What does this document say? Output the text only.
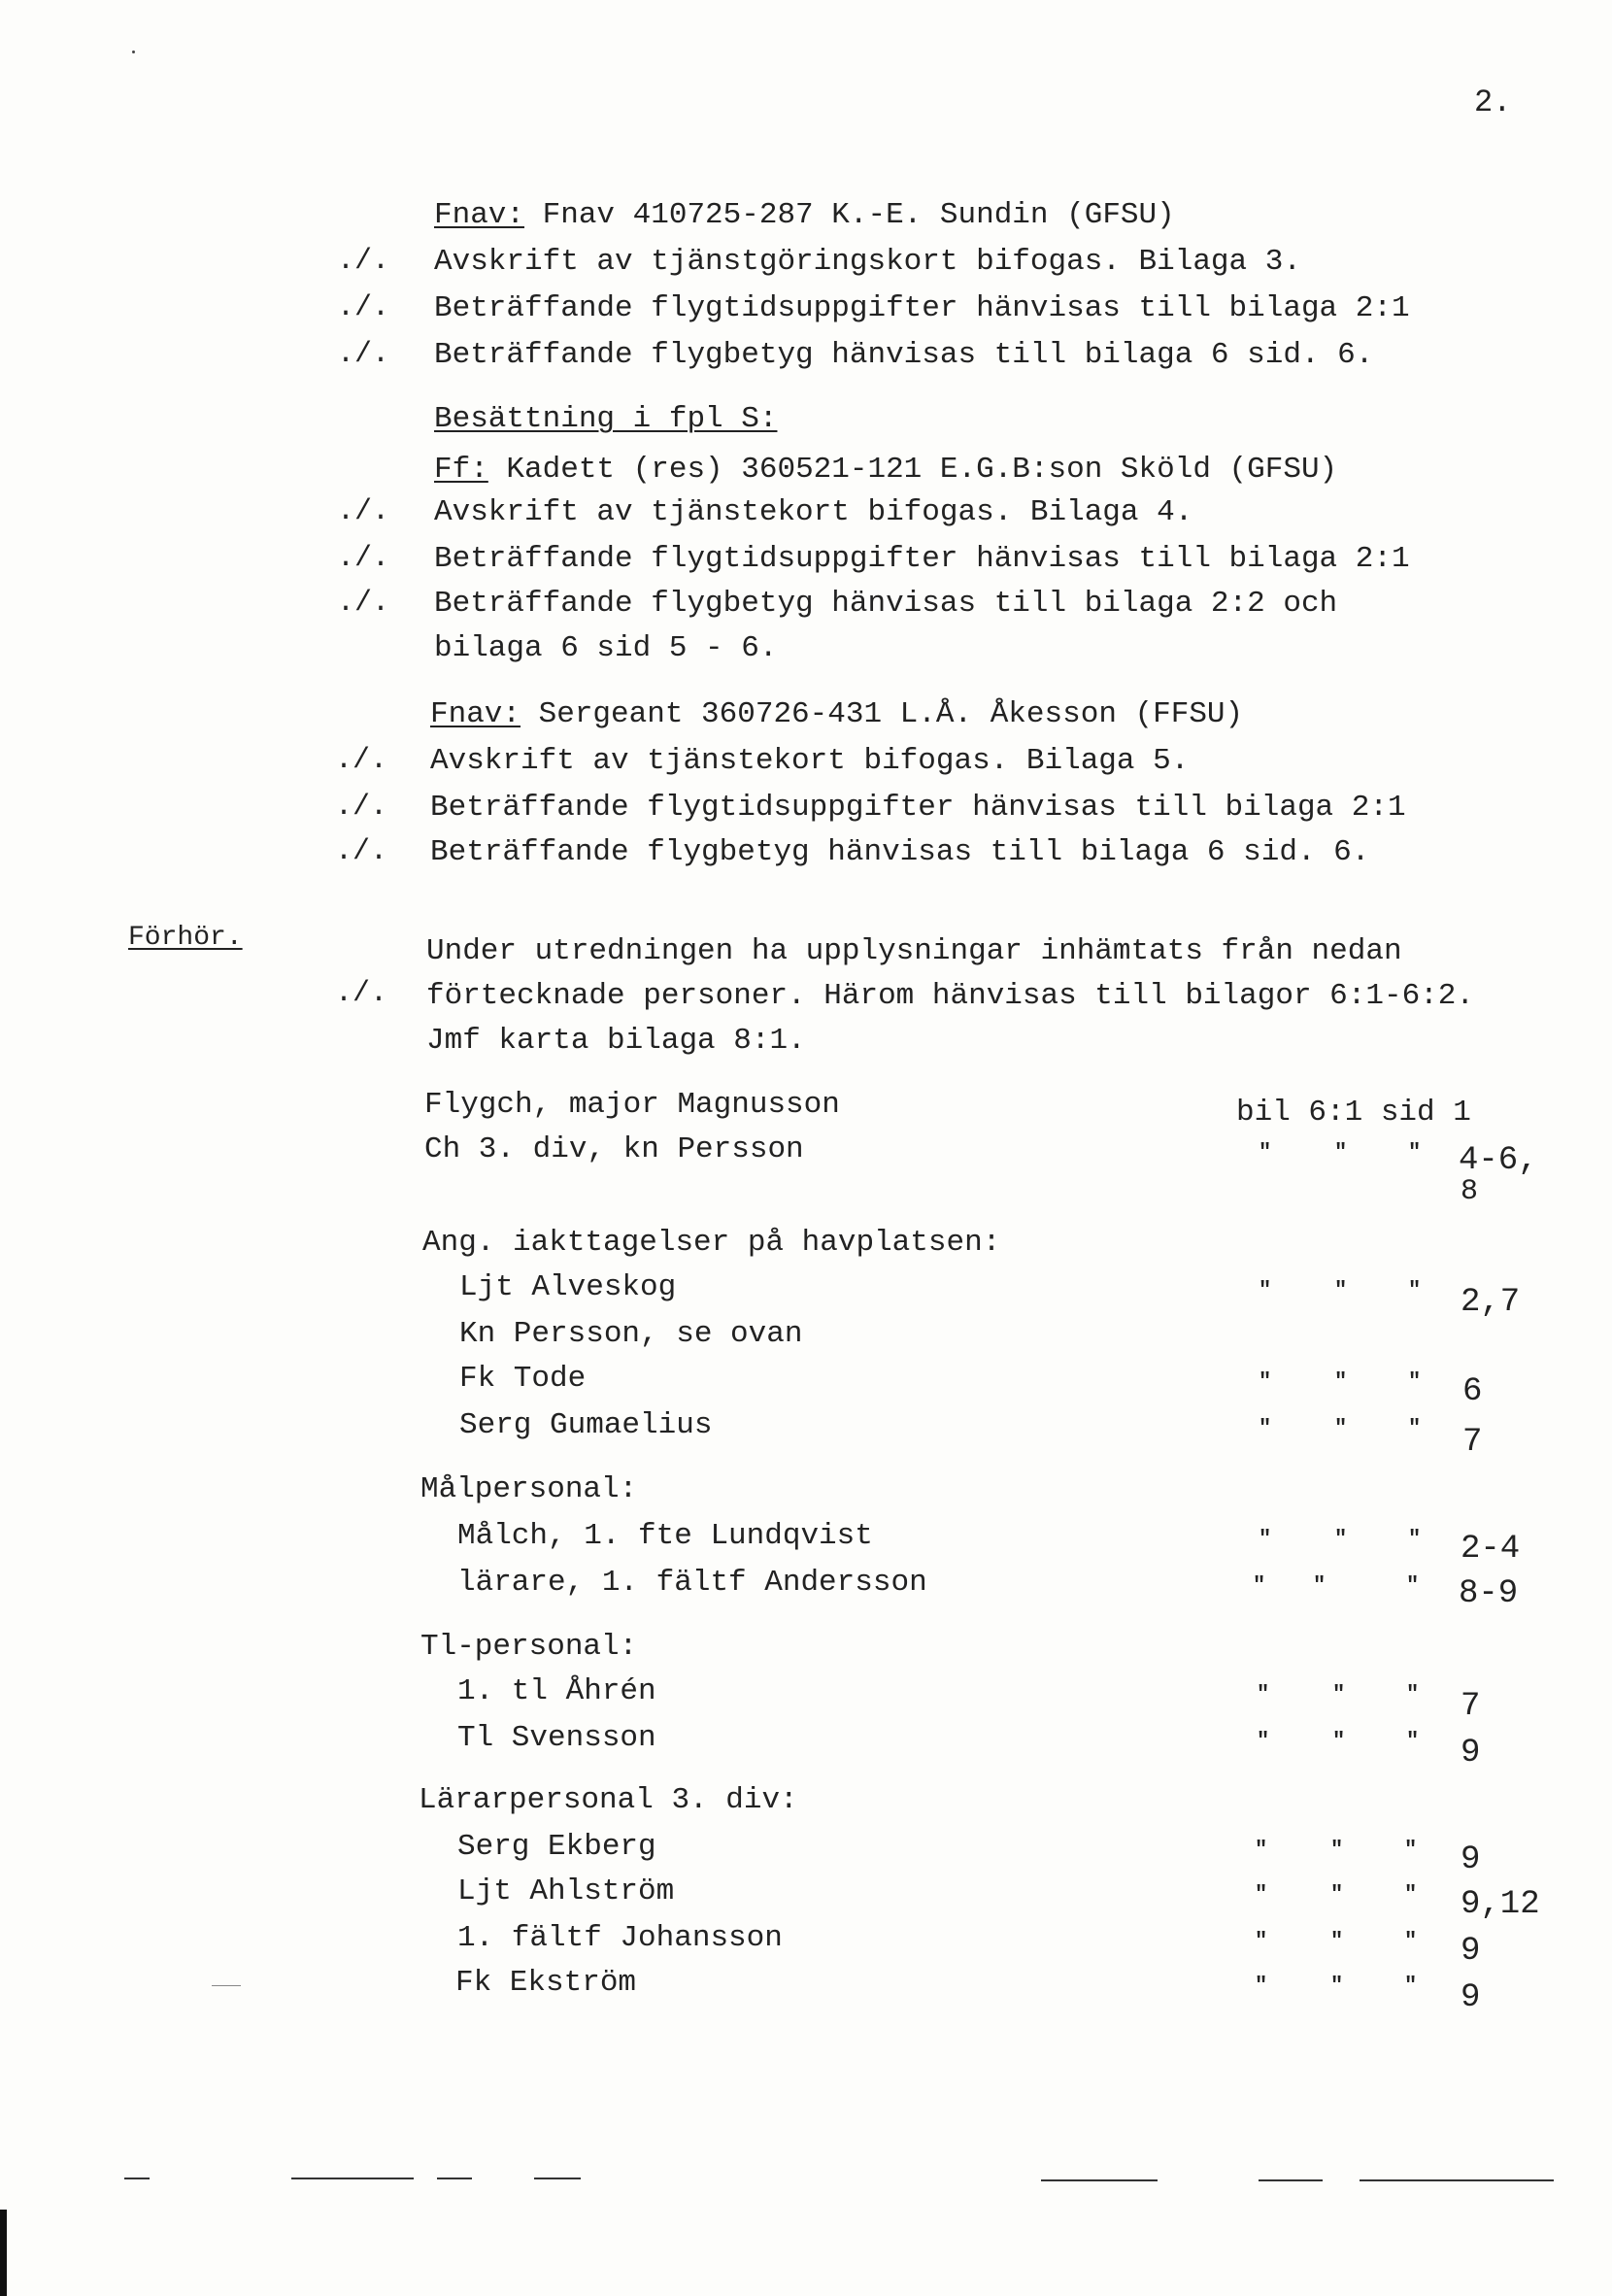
2.
Fnav: Fnav 410725-287 K.-E. Sundin (GFSU)
./. Avskrift av tjänstgöringskort bifogas. Bilaga 3.
./. Beträffande flygtidsuppgifter hänvisas till bilaga 2:1
./. Beträffande flygbetyg hänvisas till bilaga 6 sid. 6.
Besättning i fpl S:
Ff: Kadett (res) 360521-121 E.G.B:son Sköld (GFSU)
./. Avskrift av tjänstekort bifogas. Bilaga 4.
./. Beträffande flygtidsuppgifter hänvisas till bilaga 2:1
./. Beträffande flygbetyg hänvisas till bilaga 2:2 och
bilaga 6 sid 5 - 6.
Fnav: Sergeant 360726-431 L.Å. Åkesson (FFSU)
./. Avskrift av tjänstekort bifogas. Bilaga 5.
./. Beträffande flygtidsuppgifter hänvisas till bilaga 2:1
./. Beträffande flygbetyg hänvisas till bilaga 6 sid. 6.
Förhör.	Under utredningen ha upplysningar inhämtats från nedan
./. förtecknade personer. Härom hänvisas till bilagor 6:1-6:2.
Jmf karta bilaga 8:1.
Flygch, major Magnusson	bil 6:1 sid 1
Ch 3. div, kn Persson	"	"	" 4-6,
8
Ang. iakttagelser på havplatsen:
Ljt Alveskog	"	"	" 2,7
Kn Persson, se ovan
Fk Tode	"	"	" 6
Serg Gumaelius	"	"	" 7
Målpersonal:
Målch, 1. fte Lundqvist	"	"	" 2-4
lärare, 1. fältf Andersson	" "	" 8-9
Tl-personal:
1. tl Åhrén	"	"	" 7
Tl Svensson	"	"	" 9
Lärarpersonal 3. div:
Serg Ekberg	"	"	" 9
Ljt Ahlström	"	"	" 9,12
1. fältf Johansson	"	"	" 9
Fk Ekström	"	"	" 9
